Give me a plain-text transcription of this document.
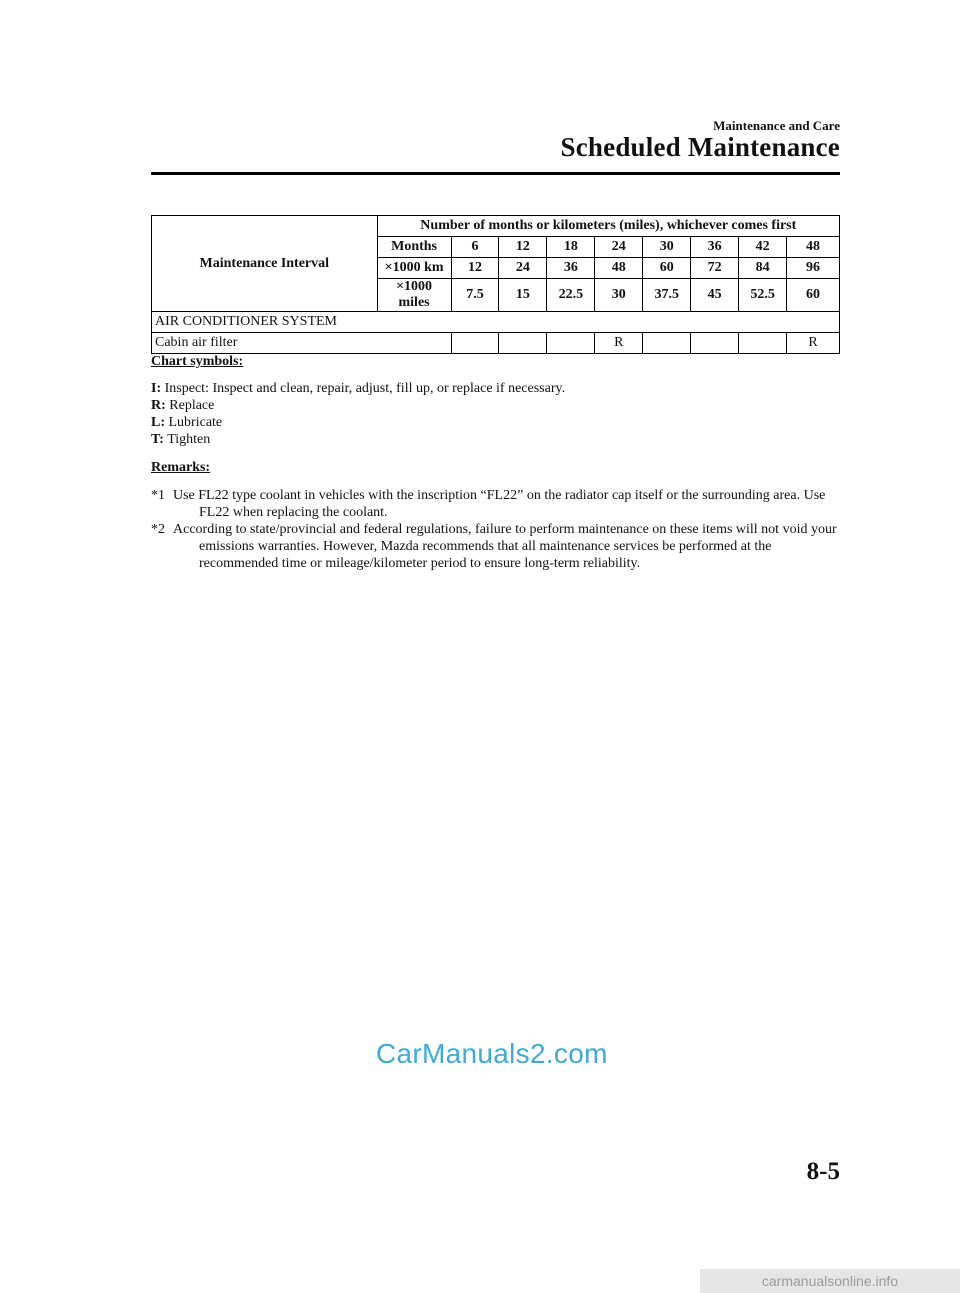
Maintenance and Care
Scheduled Maintenance
Maintenance Interval	Number of months or kilometers (miles), whichever comes first								
	Months	6	12	18	24	30	36	42	48
	×1000 km	12	24	36	48	60	72	84	96
	×1000 miles	7.5	15	22.5	30	37.5	45	52.5	60
AIR CONDITIONER SYSTEM									
Cabin air filter					R				R
Chart symbols:
I: Inspect: Inspect and clean, repair, adjust, fill up, or replace if necessary.
R: Replace
L: Lubricate
T: Tighten
Remarks:
*1 Use FL22 type coolant in vehicles with the inscription “FL22” on the radiator cap itself or the surrounding area. Use FL22 when replacing the coolant.
*2 According to state/provincial and federal regulations, failure to perform maintenance on these items will not void your emissions warranties. However, Mazda recommends that all maintenance services be performed at the recommended time or mileage/kilometer period to ensure long-term reliability.
CarManuals2.com
8-5
carmanualsonline.info
